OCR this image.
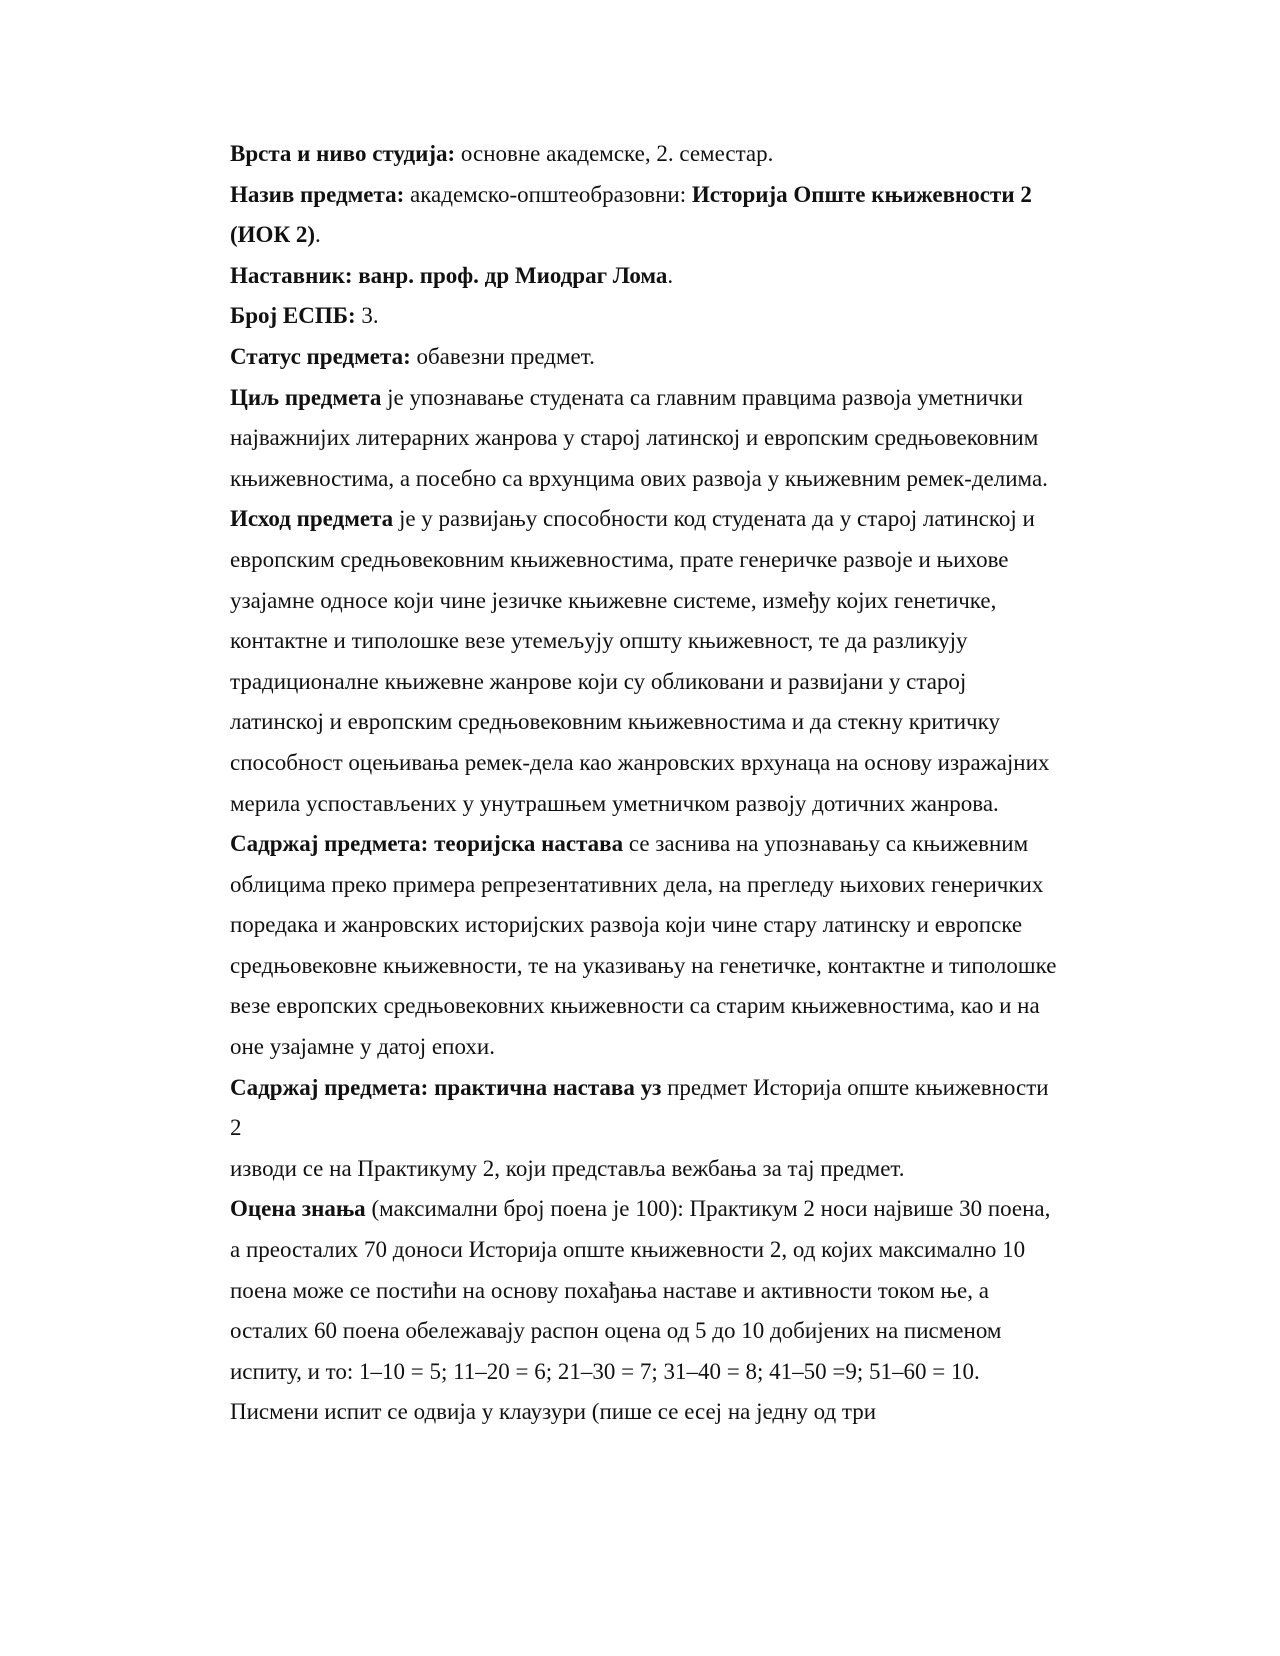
Врста и ниво студија: основне академске, 2. семестар.

Назив предмета: академско-општеобразовни: Историја Опште књижевности 2 (ИОК 2).

Наставник: ванр. проф. др Миодраг Лома.

Број ЕСПБ: 3.

Статус предмета: обавезни предмет.

Циљ предмета је упознавање студената са главним правцима развоја уметнички најважнијих литерарних жанрова у старој латинској и европским средњовековним књижевностима, а посебно са врхунцима ових развоја у књижевним ремек-делима.

Исход предмета је у развијању способности код студената да у старој латинској и европским средњовековним књижевностима, прате генеричке развоје и њихове узајамне односе који чине језичке књижевне системе, између којих генетичке, контактне и типолошке везе утемељују општу књижевност, те да разликују традиционалне књижевне жанрове који су обликовани и развијани у старој латинској и европским средњовековним књижевностима и да стекну критичку способност оцењивања ремек-дела као жанровских врхунаца на основу изражајних мерила успостављених у унутрашњем уметничком развоју дотичних жанрова.

Садржај предмета: теоријска настава се заснива на упознавању са књижевним облицима преко примера репрезентативних дела, на прегледу њихових генеричких поредака и жанровских историјских развоја који чине стару латинску и европске средњовековне књижевности, те на указивању на генетичке, контактне и типолошке везе европских средњовековних књижевности са старим књижевностима, као и на оне узајамне у датој епохи.

Садржај предмета: практична настава уз предмет Историја опште књижевности 2

изводи се на Практикуму 2, који представља вежбања за тај предмет.

Оцена знања (максимални број поена је 100): Практикум 2 носи највише 30 поена, а преосталих 70 доноси Историја опште књижевности 2, од којих максимално 10 поена може се постићи на основу похађања наставе и активности током ње, а осталих 60 поена обележавају распон оцена од 5 до 10 добијених на писменом испиту, и то: 1–10 = 5; 11–20 = 6; 21–30 = 7; 31–40 = 8; 41–50 =9; 51–60 = 10. Писмени испит се одвија у клаузури (пише се есеј на једну од три
